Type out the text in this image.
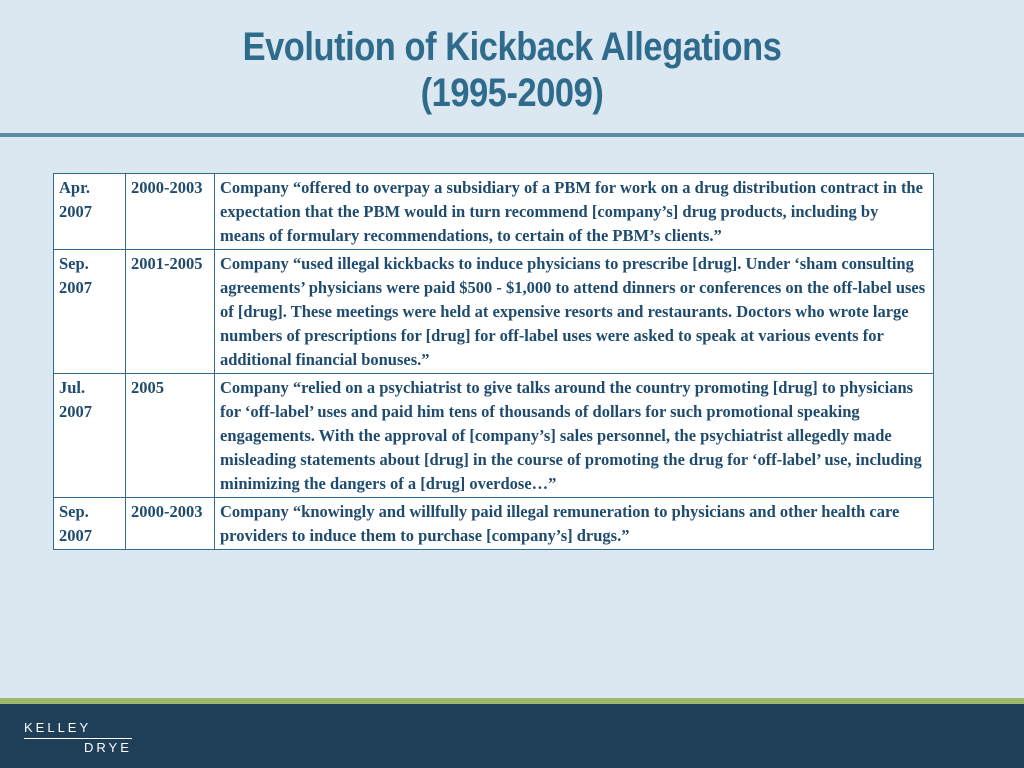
Evolution of Kickback Allegations
(1995-2009)
Apr. 2007	2000-2003	Company “offered to overpay a subsidiary of a PBM for work on a drug distribution contract in the expectation that the PBM would in turn recommend [company’s] drug products, including by means of formulary recommendations, to certain of the PBM’s clients.”
Sep. 2007	2001-2005	Company “used illegal kickbacks to induce physicians to prescribe [drug]. Under ‘sham consulting agreements’ physicians were paid $500 - $1,000 to attend dinners or conferences on the off-label uses of [drug]. These meetings were held at expensive resorts and restaurants. Doctors who wrote large numbers of prescriptions for [drug] for off-label uses were asked to speak at various events for additional financial bonuses.”
Jul. 2007	2005	Company “relied on a psychiatrist to give talks around the country promoting [drug] to physicians for ‘off-label’ uses and paid him tens of thousands of dollars for such promotional speaking engagements. With the approval of [company’s] sales personnel, the psychiatrist allegedly made misleading statements about [drug] in the course of promoting the drug for ‘off-label’ use, including minimizing the dangers of a [drug] overdose…”
Sep. 2007	2000-2003	Company “knowingly and willfully paid illegal remuneration to physicians and other health care providers to induce them to purchase [company’s] drugs.”
KELLEY
DRYE
